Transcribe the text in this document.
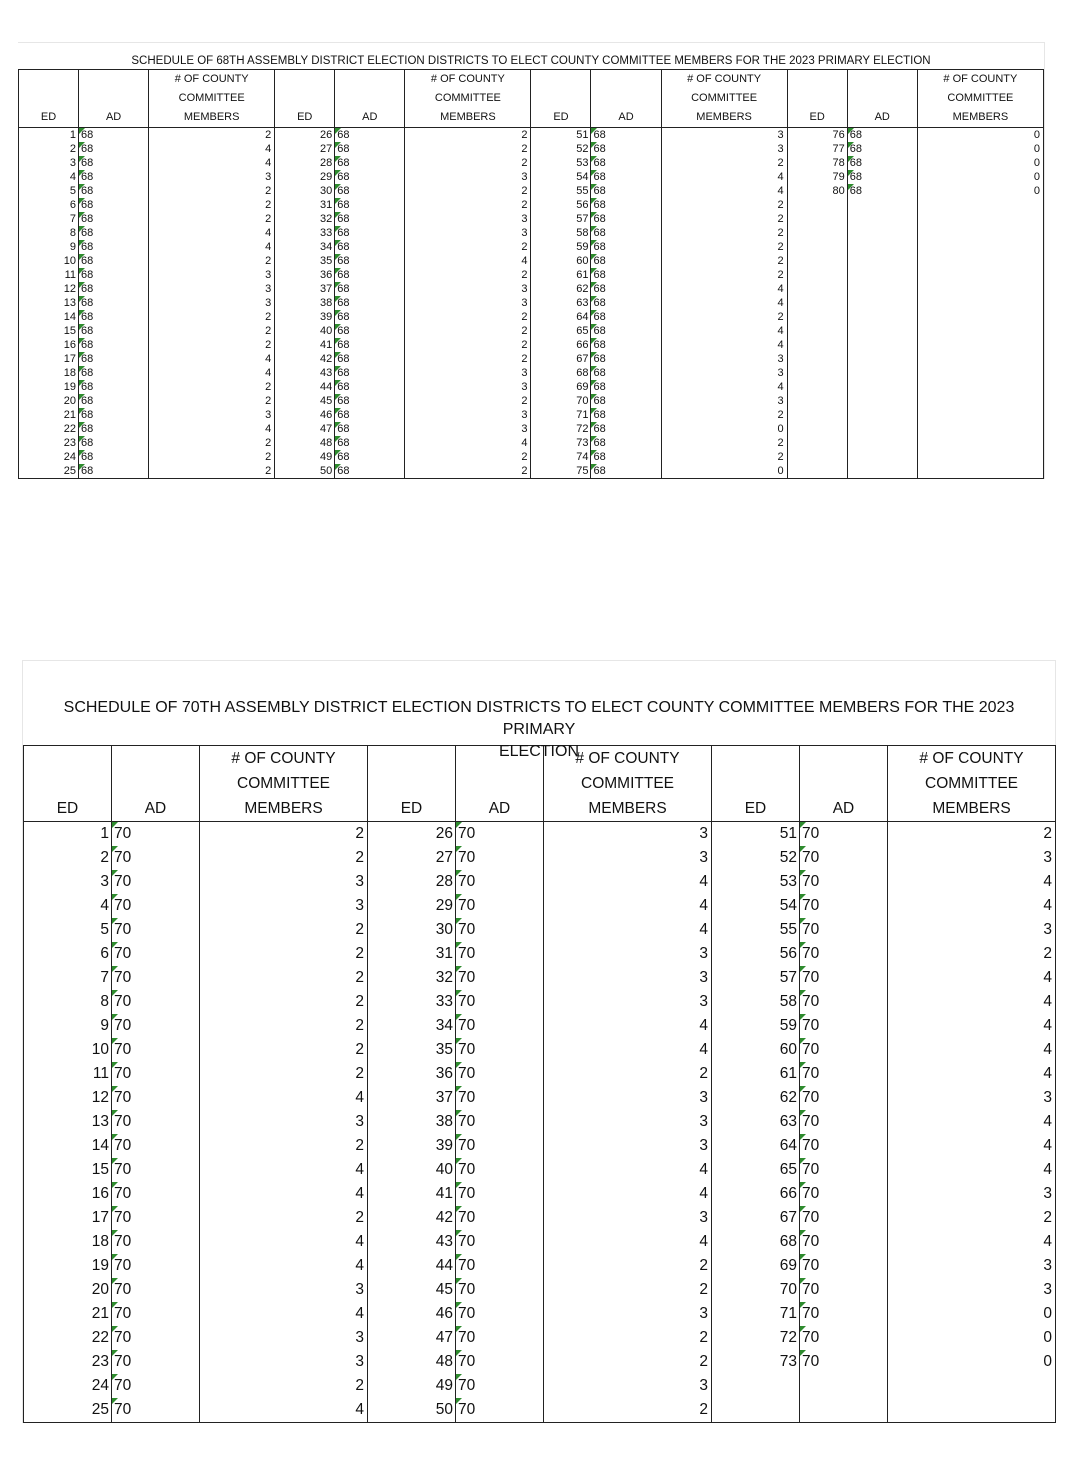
SCHEDULE OF 68TH ASSEMBLY DISTRICT ELECTION DISTRICTS TO ELECT COUNTY COMMITTEE MEMBERS FOR THE 2023 PRIMARY ELECTION
ED	AD	# OF COUNTY
COMMITTEE
MEMBERS	ED	AD	# OF COUNTY
COMMITTEE
MEMBERS	ED	AD	# OF COUNTY
COMMITTEE
MEMBERS	ED	AD	# OF COUNTY
COMMITTEE
MEMBERS

1	68	2	26	68	2	51	68	3	76	68	0
2	68	4	27	68	2	52	68	3	77	68	0
3	68	4	28	68	2	53	68	2	78	68	0
4	68	3	29	68	3	54	68	4	79	68	0
5	68	2	30	68	2	55	68	4	80	68	0
6	68	2	31	68	2	56	68	2			
7	68	2	32	68	3	57	68	2			
8	68	4	33	68	3	58	68	2			
9	68	4	34	68	2	59	68	2			
10	68	2	35	68	4	60	68	2			
11	68	3	36	68	2	61	68	2			
12	68	3	37	68	3	62	68	4			
13	68	3	38	68	3	63	68	4			
14	68	2	39	68	2	64	68	2			
15	68	2	40	68	2	65	68	4			
16	68	2	41	68	2	66	68	4			
17	68	4	42	68	2	67	68	3			
18	68	4	43	68	3	68	68	3			
19	68	2	44	68	3	69	68	4			
20	68	2	45	68	2	70	68	3			
21	68	3	46	68	3	71	68	2			
22	68	4	47	68	3	72	68	0			
23	68	2	48	68	4	73	68	2			
24	68	2	49	68	2	74	68	2			
25	68	2	50	68	2	75	68	0			
SCHEDULE OF 70TH ASSEMBLY DISTRICT ELECTION DISTRICTS TO ELECT COUNTY COMMITTEE MEMBERS FOR THE 2023 PRIMARY
ELECTION
ED	AD	# OF COUNTY
COMMITTEE
MEMBERS	ED	AD	# OF COUNTY
COMMITTEE
MEMBERS	ED	AD	# OF COUNTY
COMMITTEE
MEMBERS

1	70	2	26	70	3	51	70	2
2	70	2	27	70	3	52	70	3
3	70	3	28	70	4	53	70	4
4	70	3	29	70	4	54	70	4
5	70	2	30	70	4	55	70	3
6	70	2	31	70	3	56	70	2
7	70	2	32	70	3	57	70	4
8	70	2	33	70	3	58	70	4
9	70	2	34	70	4	59	70	4
10	70	2	35	70	4	60	70	4
11	70	2	36	70	2	61	70	4
12	70	4	37	70	3	62	70	3
13	70	3	38	70	3	63	70	4
14	70	2	39	70	3	64	70	4
15	70	4	40	70	4	65	70	4
16	70	4	41	70	4	66	70	3
17	70	2	42	70	3	67	70	2
18	70	4	43	70	4	68	70	4
19	70	4	44	70	2	69	70	3
20	70	3	45	70	2	70	70	3
21	70	4	46	70	3	71	70	0
22	70	3	47	70	2	72	70	0
23	70	3	48	70	2	73	70	0
24	70	2	49	70	3			
25	70	4	50	70	2			
